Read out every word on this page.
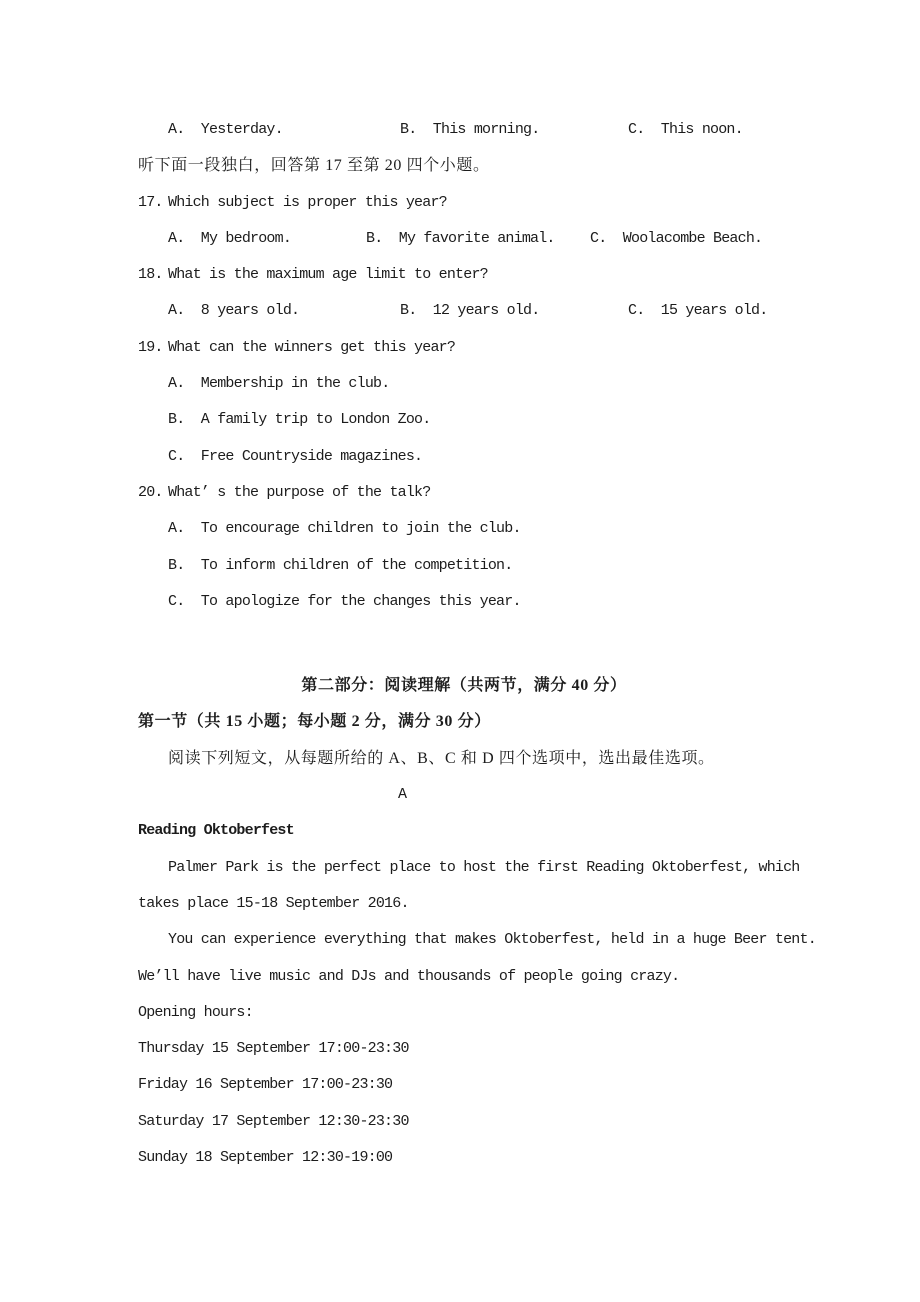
A.  Yesterday.	B.  This morning.	C.  This noon.
听下面一段独白，回答第 17 至第 20 四个小题。
17. Which subject is proper this year?
A.  My bedroom.	B.  My favorite animal.	C.  Woolacombe Beach.
18. What is the maximum age limit to enter?
A.  8 years old.	B.  12 years old.	C.  15 years old.
19. What can the winners get this year?
A.  Membership in the club.
B.  A family trip to London Zoo.
C.  Free Countryside magazines.
20. What’ s the purpose of the talk?
A.  To encourage children to join the club.
B.  To inform children of the competition.
C.  To apologize for the changes this year.
第二部分：阅读理解（共两节，满分 40 分）
第一节（共 15 小题；每小题 2 分，满分 30 分）
阅读下列短文，从每题所给的 A、B、C 和 D 四个选项中，选出最佳选项。
A
Reading Oktoberfest
Palmer Park is the perfect place to host the first Reading Oktoberfest, which
takes place 15-18 September 2016.
You can experience everything that makes Oktoberfest, held in a huge Beer tent.
We’ll have live music and DJs and thousands of people going crazy.
Opening hours:
Thursday 15 September 17:00-23:30
Friday 16 September 17:00-23:30
Saturday 17 September 12:30-23:30
Sunday 18 September 12:30-19:00
